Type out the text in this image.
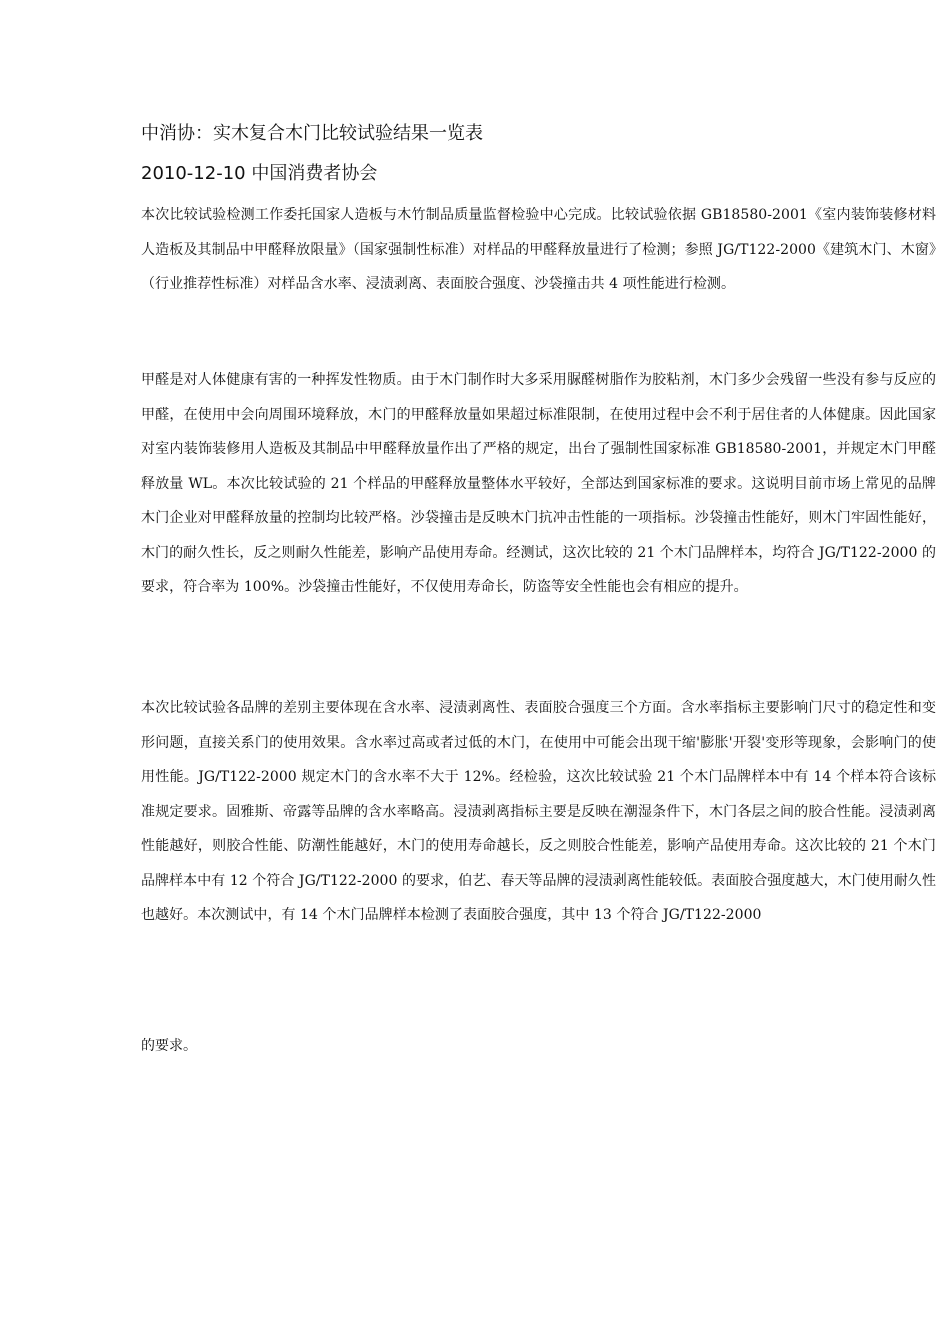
中消协：实木复合木门比较试验结果一览表
2010-12-10 中国消费者协会
本次比较试验检测工作委托国家人造板与木竹制品质量监督检验中心完成。比较试验依据 GB18580-2001《室内装饰装修材料人造板及其制品中甲醛释放限量》（国家强制性标准）对样品的甲醛释放量进行了检测；参照 JG/T122-2000《建筑木门、木窗》（行业推荐性标准）对样品含水率、浸渍剥离、表面胶合强度、沙袋撞击共 4 项性能进行检测。
甲醛是对人体健康有害的一种挥发性物质。由于木门制作时大多采用脲醛树脂作为胶粘剂，木门多少会残留一些没有参与反应的甲醛，在使用中会向周围环境释放，木门的甲醛释放量如果超过标准限制，在使用过程中会不利于居住者的人体健康。因此国家对室内装饰装修用人造板及其制品中甲醛释放量作出了严格的规定，出台了强制性国家标准 GB18580-2001，并规定木门甲醛释放量 WL。本次比较试验的 21 个样品的甲醛释放量整体水平较好，全部达到国家标准的要求。这说明目前市场上常见的品牌木门企业对甲醛释放量的控制均比较严格。沙袋撞击是反映木门抗冲击性能的一项指标。沙袋撞击性能好，则木门牢固性能好，木门的耐久性长，反之则耐久性能差，影响产品使用寿命。经测试，这次比较的 21 个木门品牌样本，均符合 JG/T122-2000 的要求，符合率为 100%。沙袋撞击性能好，不仅使用寿命长，防盗等安全性能也会有相应的提升。
本次比较试验各品牌的差别主要体现在含水率、浸渍剥离性、表面胶合强度三个方面。含水率指标主要影响门尺寸的稳定性和变形问题，直接关系门的使用效果。含水率过高或者过低的木门，在使用中可能会出现干缩'膨胀'开裂'变形等现象，会影响门的使用性能。JG/T122-2000 规定木门的含水率不大于 12%。经检验，这次比较试验 21 个木门品牌样本中有 14 个样本符合该标准规定要求。固雅斯、帝露等品牌的含水率略高。浸渍剥离指标主要是反映在潮湿条件下，木门各层之间的胶合性能。浸渍剥离性能越好，则胶合性能、防潮性能越好，木门的使用寿命越长，反之则胶合性能差，影响产品使用寿命。这次比较的 21 个木门品牌样本中有 12 个符合 JG/T122-2000 的要求，伯艺、春天等品牌的浸渍剥离性能较低。表面胶合强度越大，木门使用耐久性也越好。本次测试中，有 14 个木门品牌样本检测了表面胶合强度，其中 13 个符合 JG/T122-2000
的要求。
